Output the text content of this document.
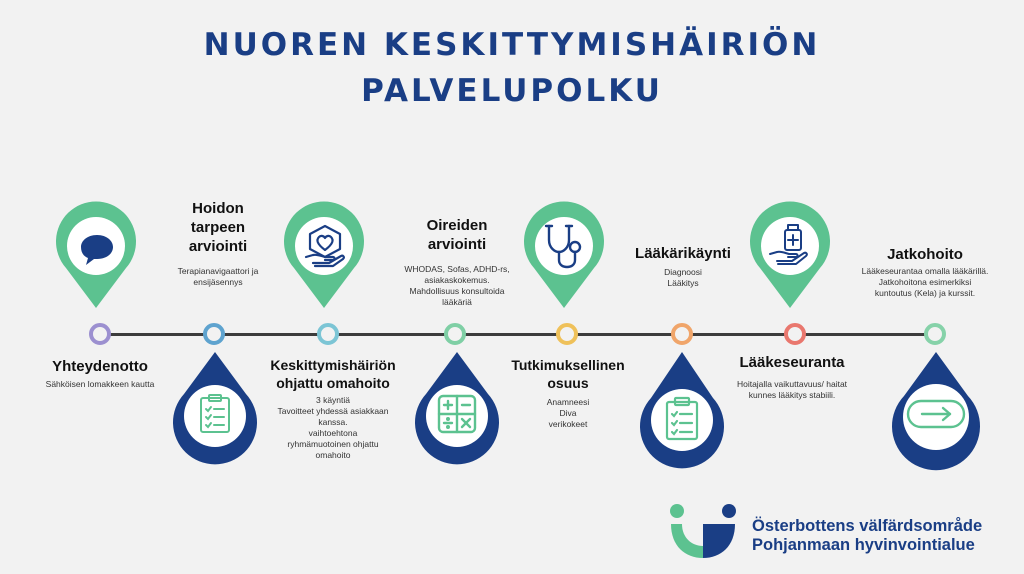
NUOREN KESKITTYMISHÄIRIÖN
PALVELUPOLKU
Yhteydenotto
Sähköisen lomakkeen kautta
Hoidon
tarpeen
arviointi
Terapianavigaattori ja
ensijäsennys
Keskittymishäiriön
ohjattu omahoito
3 käyntiä
Tavoitteet yhdessä asiakkaan
kanssa.
vaihtoehtona
ryhmämuotoinen ohjattu
omahoito
Oireiden
arviointi
WHODAS, Sofas, ADHD-rs,
asiakaskokemus.
Mahdollisuus konsultoida
lääkäriä
Tutkimuksellinen
osuus
Anamneesi
Diva
verikokeet
Lääkärikäynti
Diagnoosi
Lääkitys
Lääkeseuranta
Hoitajalla vaikuttavuus/ haitat
kunnes lääkitys stabiili.
Jatkohoito
Lääkeseurantaa omalla lääkärillä.
Jatkohoitona esimerkiksi
kuntoutus (Kela) ja kurssit.
Österbottens välfärdsområde
Pohjanmaan hyvinvointialue
